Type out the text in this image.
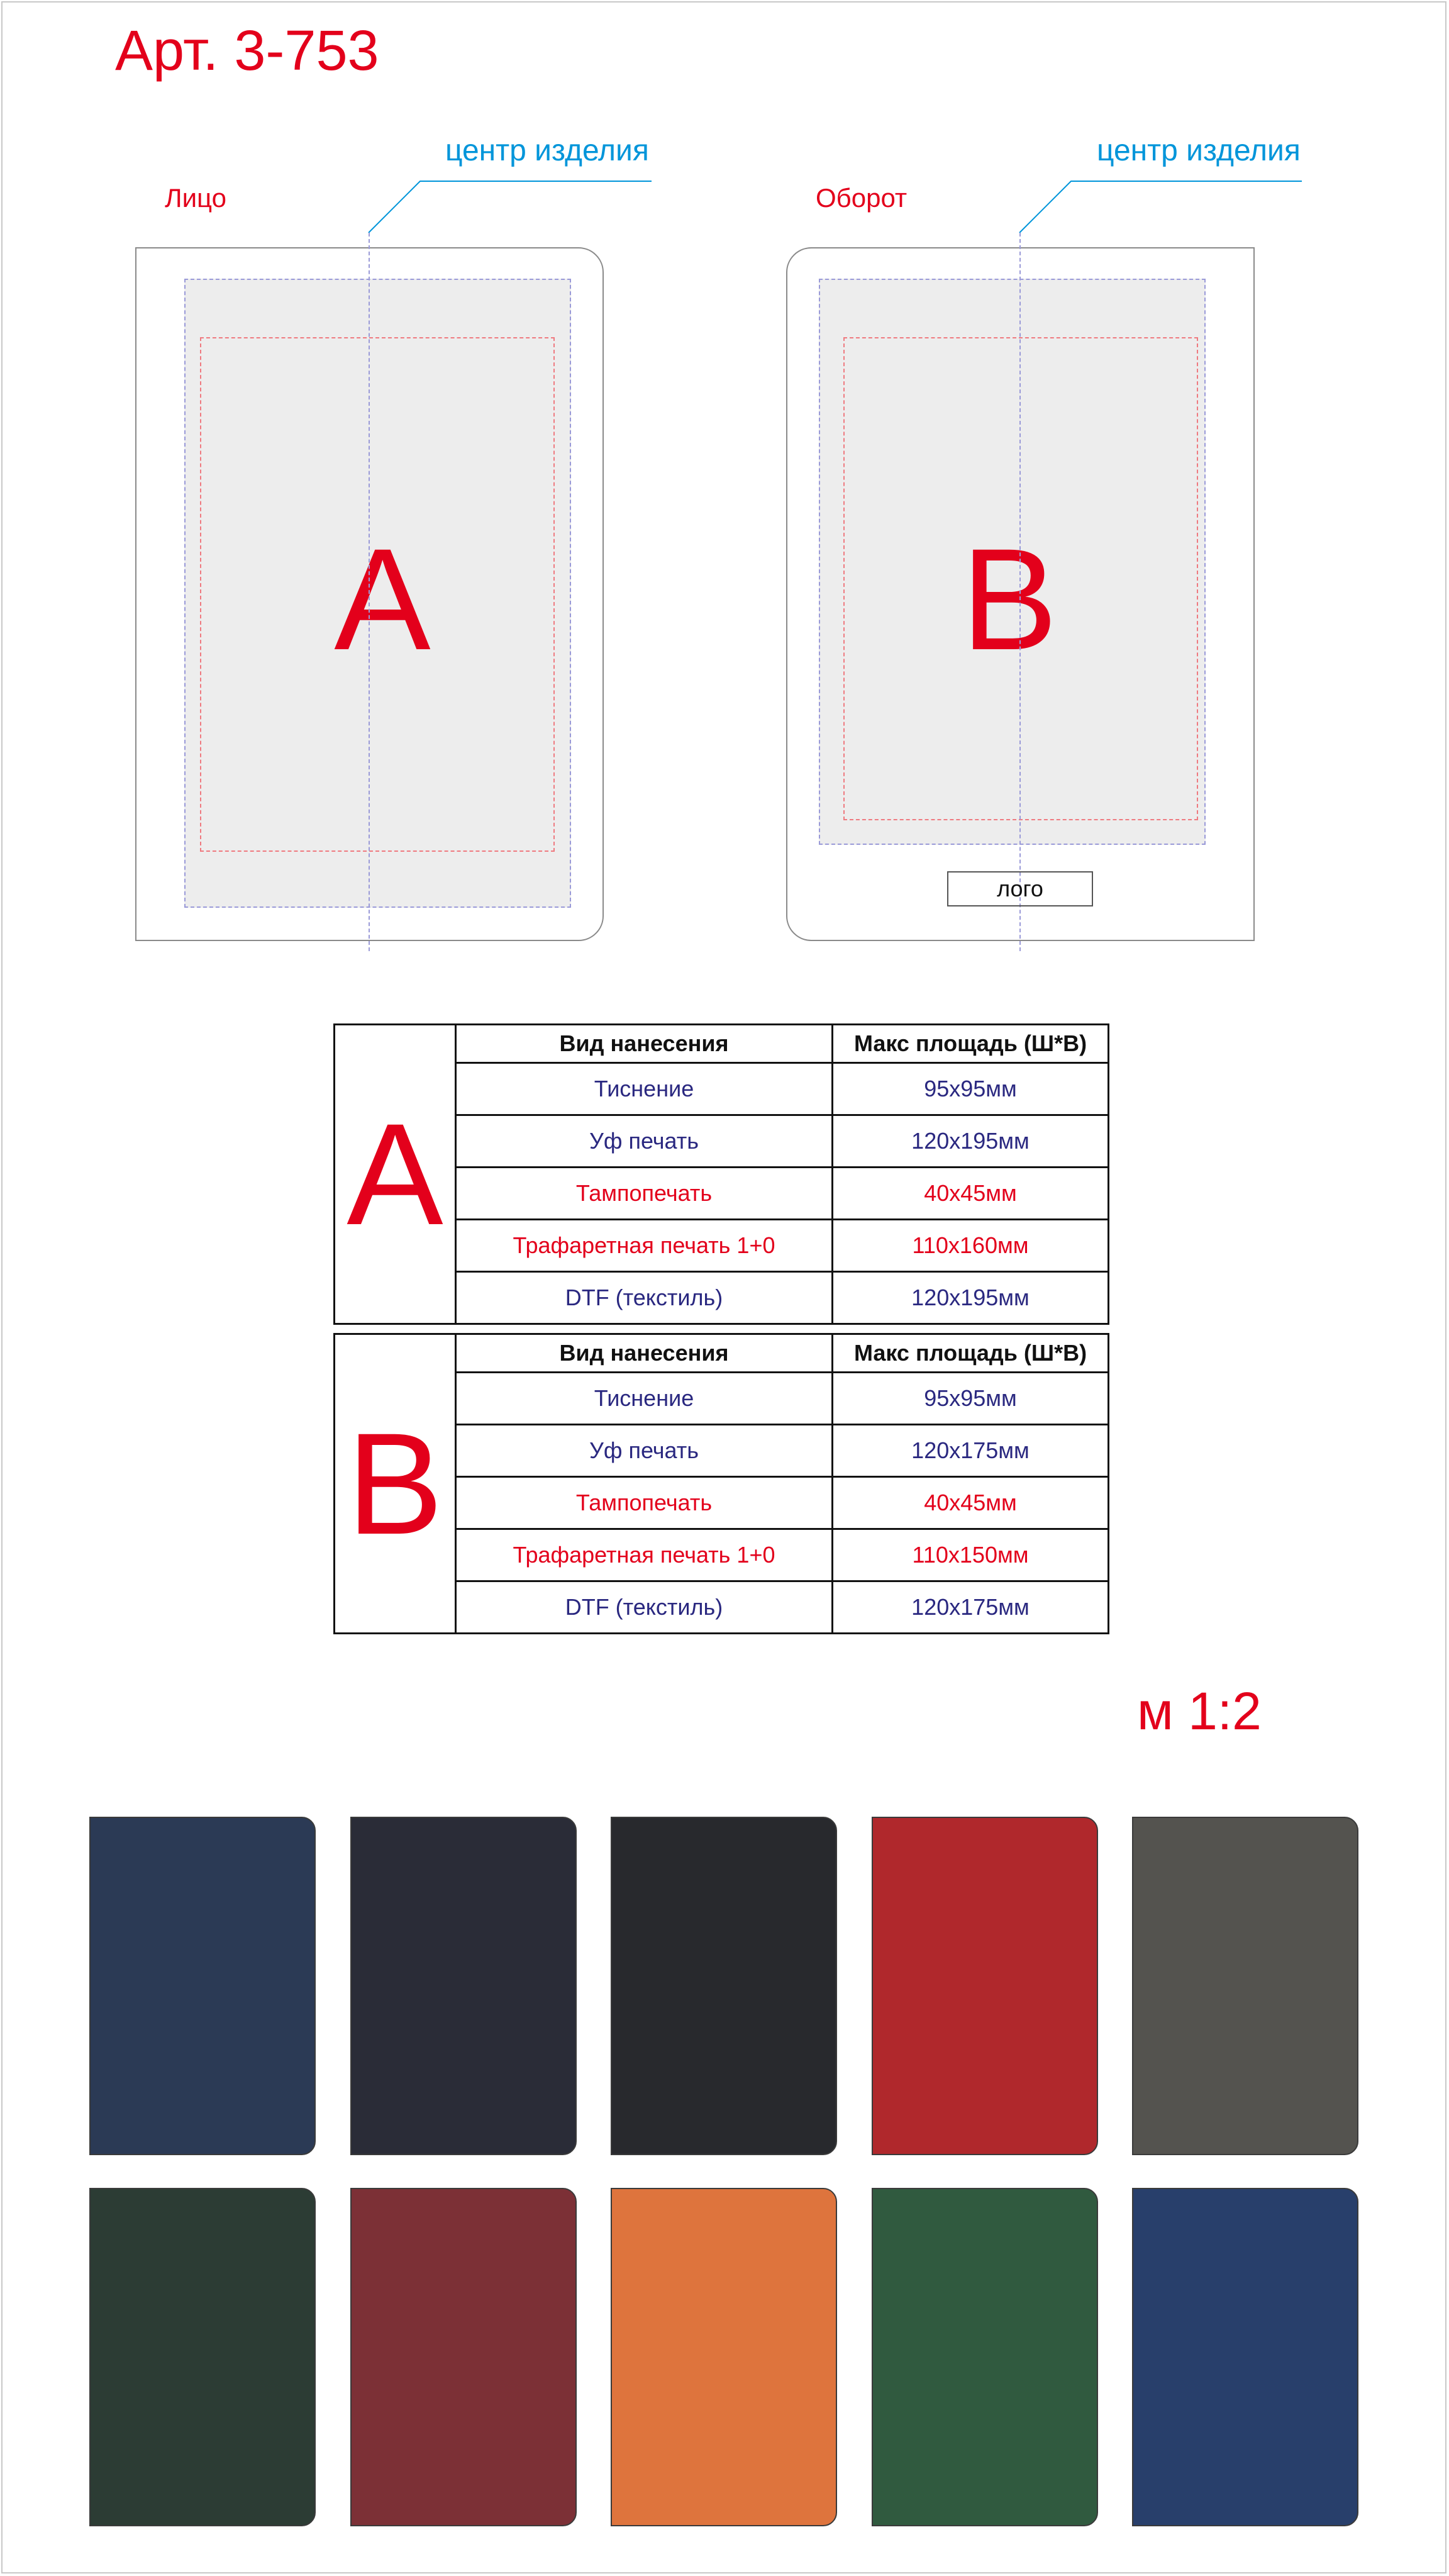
Арт. 3-753
Лицо
центр изделия
A
Оборот
центр изделия
B
лого
A	Вид нанесения	Макс площадь (Ш*В)
	Тиснение	95x95мм
	Уф печать	120x195мм
	Тампопечать	40x45мм
	Трафаретная печать 1+0	110x160мм
	DTF (текстиль)	120x195мм
B	Вид нанесения	Макс площадь (Ш*В)
	Тиснение	95x95мм
	Уф печать	120x175мм
	Тампопечать	40x45мм
	Трафаретная печать 1+0	110x150мм
	DTF (текстиль)	120x175мм
м 1:2
